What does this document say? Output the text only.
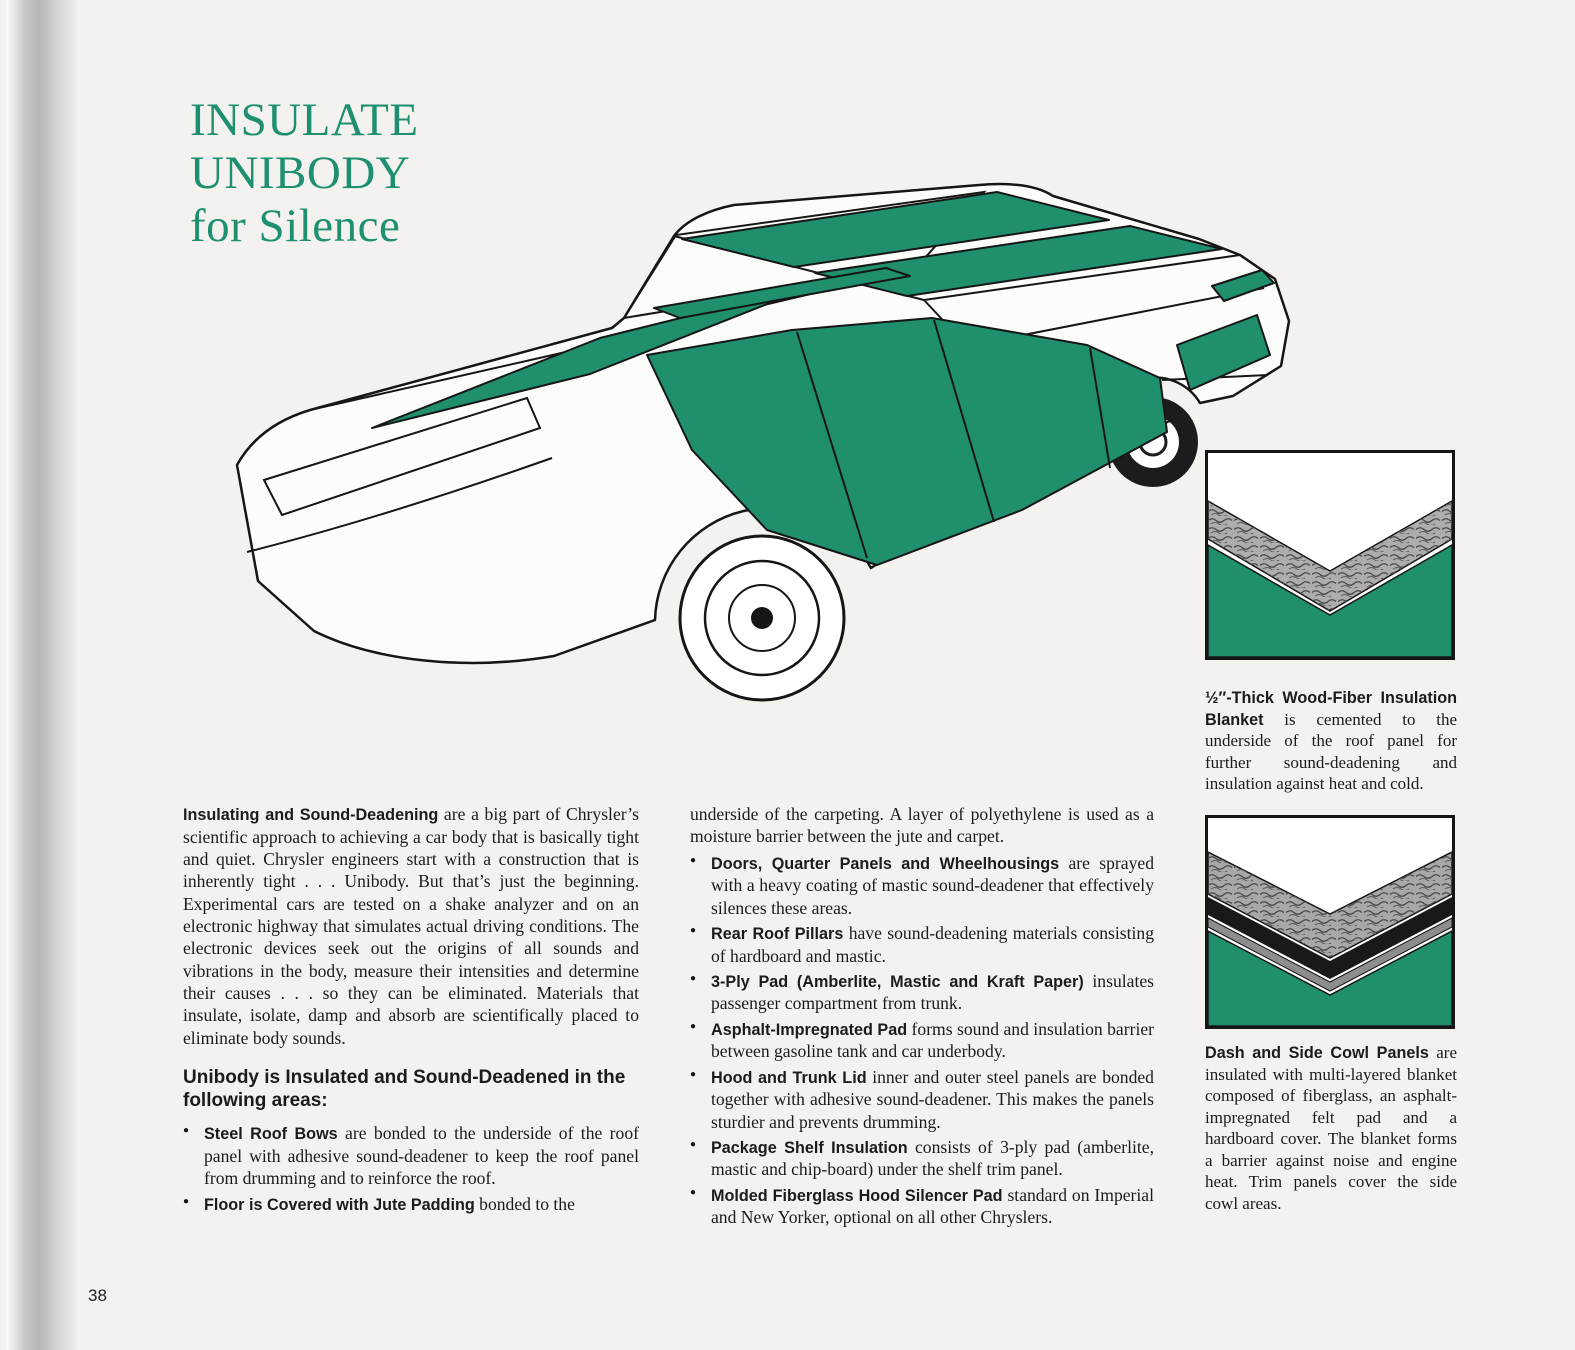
INSULATE
UNIBODY
for Silence
½″-Thick Wood-Fiber Insulation Blanket is cemented to the underside of the roof panel for further sound-deadening and insulation against heat and cold.
Dash and Side Cowl Panels are insulated with multi-layered blanket composed of fiberglass, an asphalt-impregnated felt pad and a hardboard cover. The blanket forms a barrier against noise and engine heat. Trim panels cover the side cowl areas.

Insulating and Sound-Deadening are a big part of Chrysler’s scientific approach to achieving a car body that is basically tight and quiet. Chrysler engineers start with a construction that is inherently tight . . . Unibody. But that’s just the beginning. Experimental cars are tested on a shake analyzer and on an electronic highway that simulates actual driving conditions. The electronic devices seek out the origins of all sounds and vibrations in the body, measure their intensities and determine their causes . . . so they can be eliminated. Materials that insulate, isolate, damp and absorb are scientifically placed to eliminate body sounds.

Unibody is Insulated and Sound-Deadened in the following areas:

● Steel Roof Bows are bonded to the underside of the roof panel with adhesive sound-deadener to keep the roof panel from drumming and to reinforce the roof.
● Floor is Covered with Jute Padding bonded to the

underside of the carpeting. A layer of polyethylene is used as a moisture barrier between the jute and carpet.

● Doors, Quarter Panels and Wheelhousings are sprayed with a heavy coating of mastic sound-deadener that effectively silences these areas.
● Rear Roof Pillars have sound-deadening materials consisting of hardboard and mastic.
● 3-Ply Pad (Amberlite, Mastic and Kraft Paper) insulates passenger compartment from trunk.
● Asphalt-Impregnated Pad forms sound and insulation barrier between gasoline tank and car underbody.
● Hood and Trunk Lid inner and outer steel panels are bonded together with adhesive sound-deadener. This makes the panels sturdier and prevents drumming.
● Package Shelf Insulation consists of 3-ply pad (amberlite, mastic and chip-board) under the shelf trim panel.
● Molded Fiberglass Hood Silencer Pad standard on Imperial and New Yorker, optional on all other Chryslers.
38
